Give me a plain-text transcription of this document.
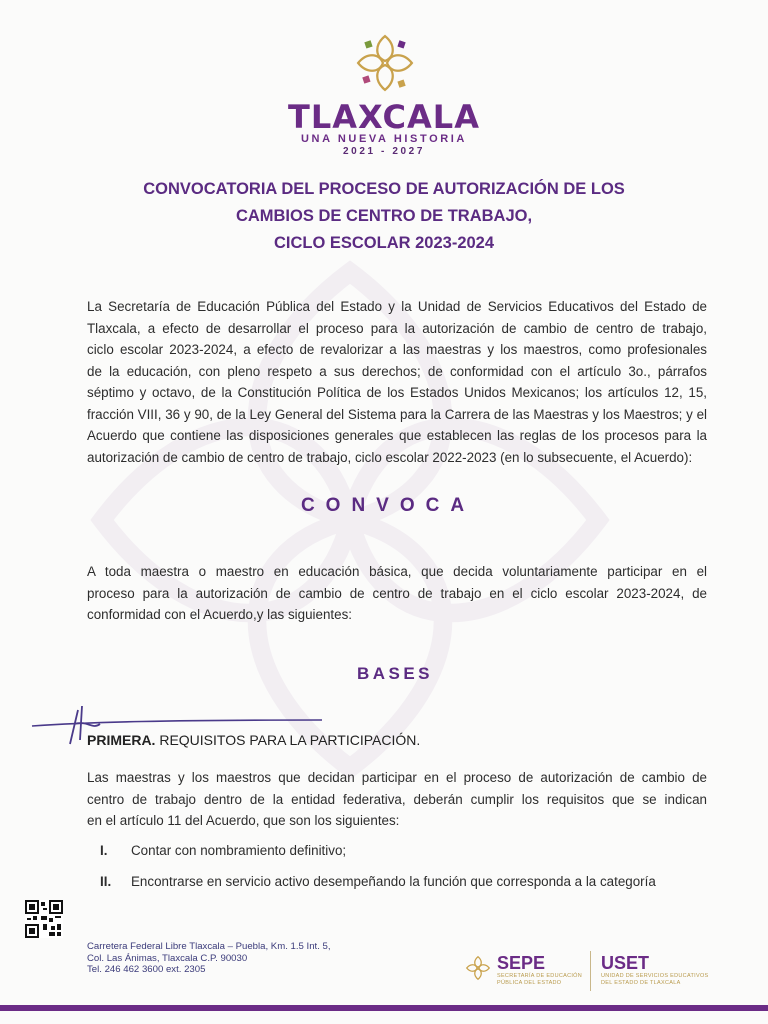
TLAXCALA
UNA NUEVA HISTORIA
2021 - 2027
CONVOCATORIA DEL PROCESO DE AUTORIZACIÓN DE LOS
CAMBIOS DE CENTRO DE TRABAJO,
CICLO ESCOLAR 2023-2024
La Secretaría de Educación Pública del Estado y la Unidad de Servicios Educativos del Estado de
Tlaxcala, a efecto de desarrollar el proceso para la autorización de cambio de centro de trabajo,
ciclo escolar 2023-2024, a efecto de revalorizar a las maestras y los maestros, como profesionales
de la educación, con pleno respeto a sus derechos; de conformidad con el artículo 3o., párrafos
séptimo y octavo, de la Constitución Política de los Estados Unidos Mexicanos; los artículos 12, 15,
fracción VIII, 36 y 90, de la Ley General del Sistema para la Carrera de las Maestras y los Maestros; y el
Acuerdo que contiene las disposiciones generales que establecen las reglas de los procesos para la
autorización de cambio de centro de trabajo, ciclo escolar 2022-2023 (en lo subsecuente, el Acuerdo):
CONVOCA
A toda maestra o maestro en educación básica, que decida voluntariamente participar en el
proceso para la autorización de cambio de centro de trabajo en el ciclo escolar 2023-2024, de
conformidad con el Acuerdo,y las siguientes:
BASES
PRIMERA. REQUISITOS PARA LA PARTICIPACIÓN.
Las maestras y los maestros que decidan participar en el proceso de autorización de cambio de
centro de trabajo dentro de la entidad federativa, deberán cumplir los requisitos que se indican
en el artículo 11 del Acuerdo, que son los siguientes:
I. Contar con nombramiento definitivo;
II. Encontrarse en servicio activo desempeñando la función que corresponda a la categoría
Carretera Federal Libre Tlaxcala – Puebla, Km. 1.5 Int. 5,
Col. Las Ánimas, Tlaxcala C.P. 90030
Tel. 246 462 3600 ext. 2305	SEPE
SECRETARÍA DE EDUCACIÓN
PÚBLICA DEL ESTADO
USET
UNIDAD DE SERVICIOS EDUCATIVOS
DEL ESTADO DE TLAXCALA
